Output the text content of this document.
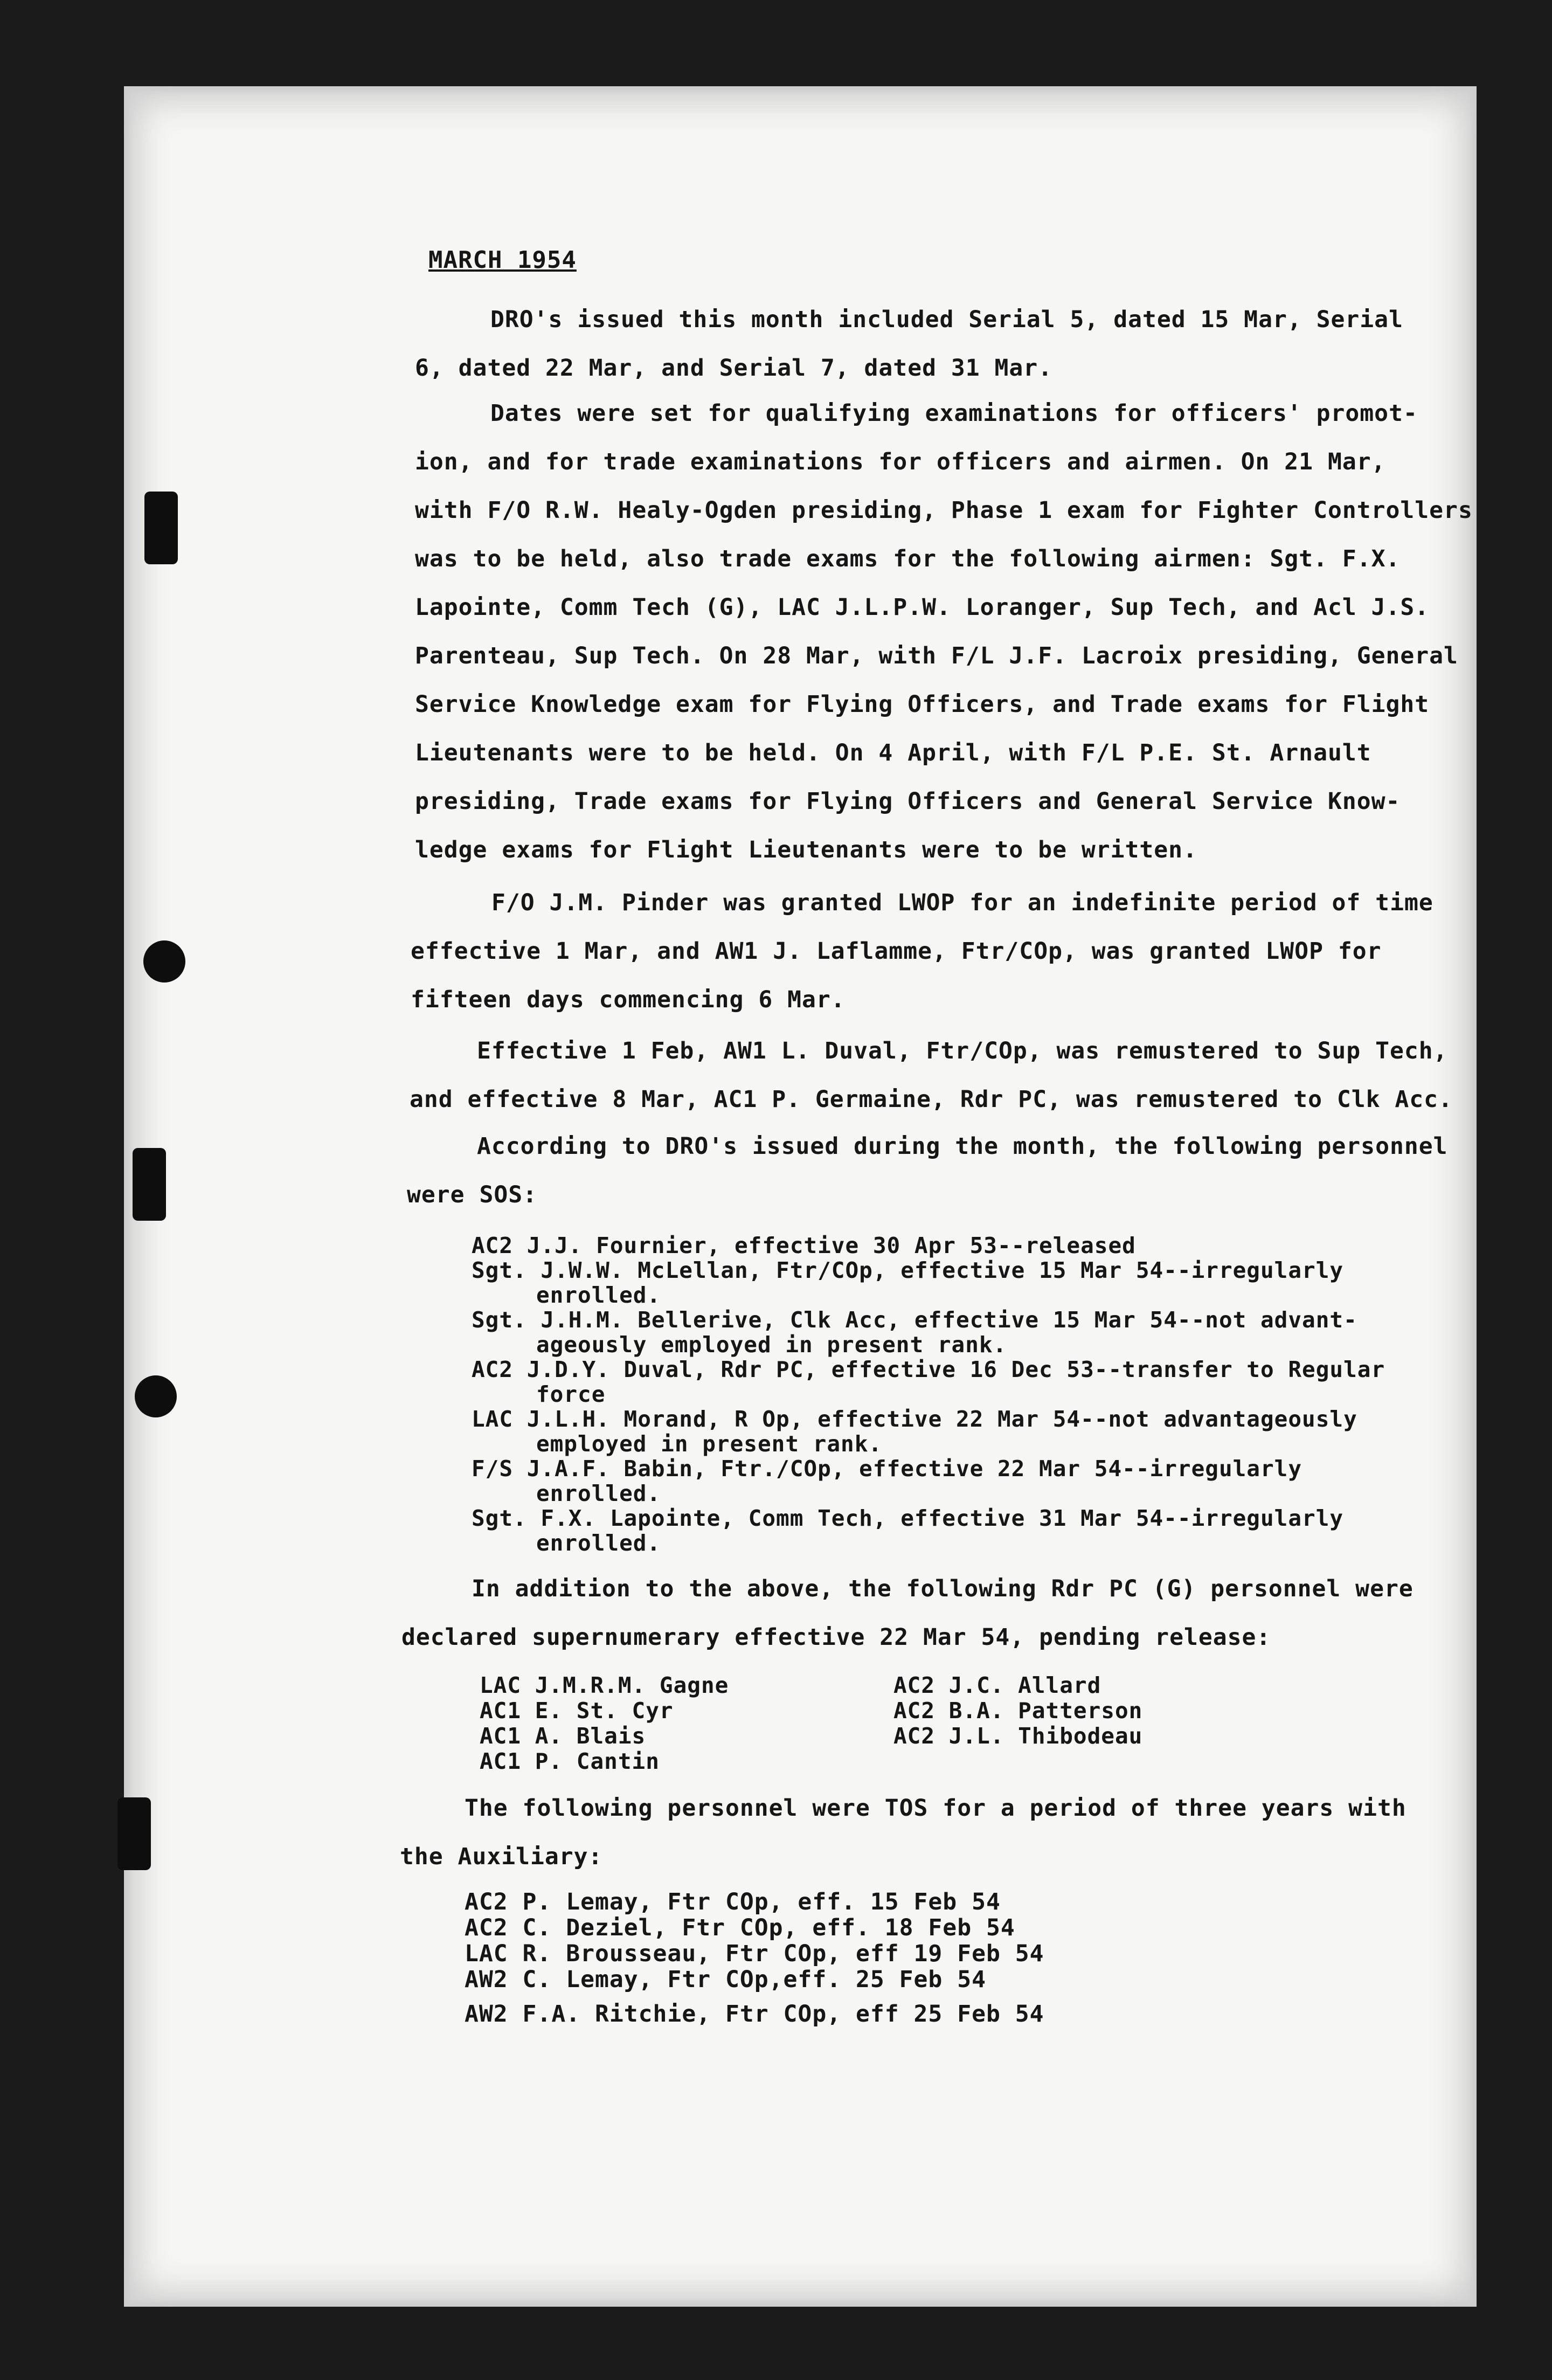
MARCH 1954
DRO's issued this month included Serial 5, dated 15 Mar, Serial
6, dated 22 Mar, and Serial 7, dated 31 Mar.
Dates were set for qualifying examinations for officers' promot-
ion, and for trade examinations for officers and airmen. On 21 Mar,
with F/O R.W. Healy-Ogden presiding, Phase 1 exam for Fighter Controllers
was to be held, also trade exams for the following airmen: Sgt. F.X.
Lapointe, Comm Tech (G), LAC J.L.P.W. Loranger, Sup Tech, and Acl J.S.
Parenteau, Sup Tech. On 28 Mar, with F/L J.F. Lacroix presiding, General
Service Knowledge exam for Flying Officers, and Trade exams for Flight
Lieutenants were to be held. On 4 April, with F/L P.E. St. Arnault
presiding, Trade exams for Flying Officers and General Service Know-
ledge exams for Flight Lieutenants were to be written.
F/O J.M. Pinder was granted LWOP for an indefinite period of time
effective 1 Mar, and AW1 J. Laflamme, Ftr/COp, was granted LWOP for
fifteen days commencing 6 Mar.
Effective 1 Feb, AW1 L. Duval, Ftr/COp, was remustered to Sup Tech,
and effective 8 Mar, AC1 P. Germaine, Rdr PC, was remustered to Clk Acc.
According to DRO's issued during the month, the following personnel
were SOS:
AC2 J.J. Fournier, effective 30 Apr 53--released
Sgt. J.W.W. McLellan, Ftr/COp, effective 15 Mar 54--irregularly
enrolled.
Sgt. J.H.M. Bellerive, Clk Acc, effective 15 Mar 54--not advant-
ageously employed in present rank.
AC2 J.D.Y. Duval, Rdr PC, effective 16 Dec 53--transfer to Regular
force
LAC J.L.H. Morand, R Op, effective 22 Mar 54--not advantageously
employed in present rank.
F/S J.A.F. Babin, Ftr./COp, effective 22 Mar 54--irregularly
enrolled.
Sgt. F.X. Lapointe, Comm Tech, effective 31 Mar 54--irregularly
enrolled.
In addition to the above, the following Rdr PC (G) personnel were
declared supernumerary effective 22 Mar 54, pending release:
LAC J.M.R.M. Gagne
AC1 E. St. Cyr
AC1 A. Blais
AC1 P. Cantin
AC2 J.C. Allard
AC2 B.A. Patterson
AC2 J.L. Thibodeau
The following personnel were TOS for a period of three years with
the Auxiliary:
AC2 P. Lemay, Ftr COp, eff. 15 Feb 54
AC2 C. Deziel, Ftr COp, eff. 18 Feb 54
LAC R. Brousseau, Ftr COp, eff 19 Feb 54
AW2 C. Lemay, Ftr COp,eff. 25 Feb 54
AW2 F.A. Ritchie, Ftr COp, eff 25 Feb 54
